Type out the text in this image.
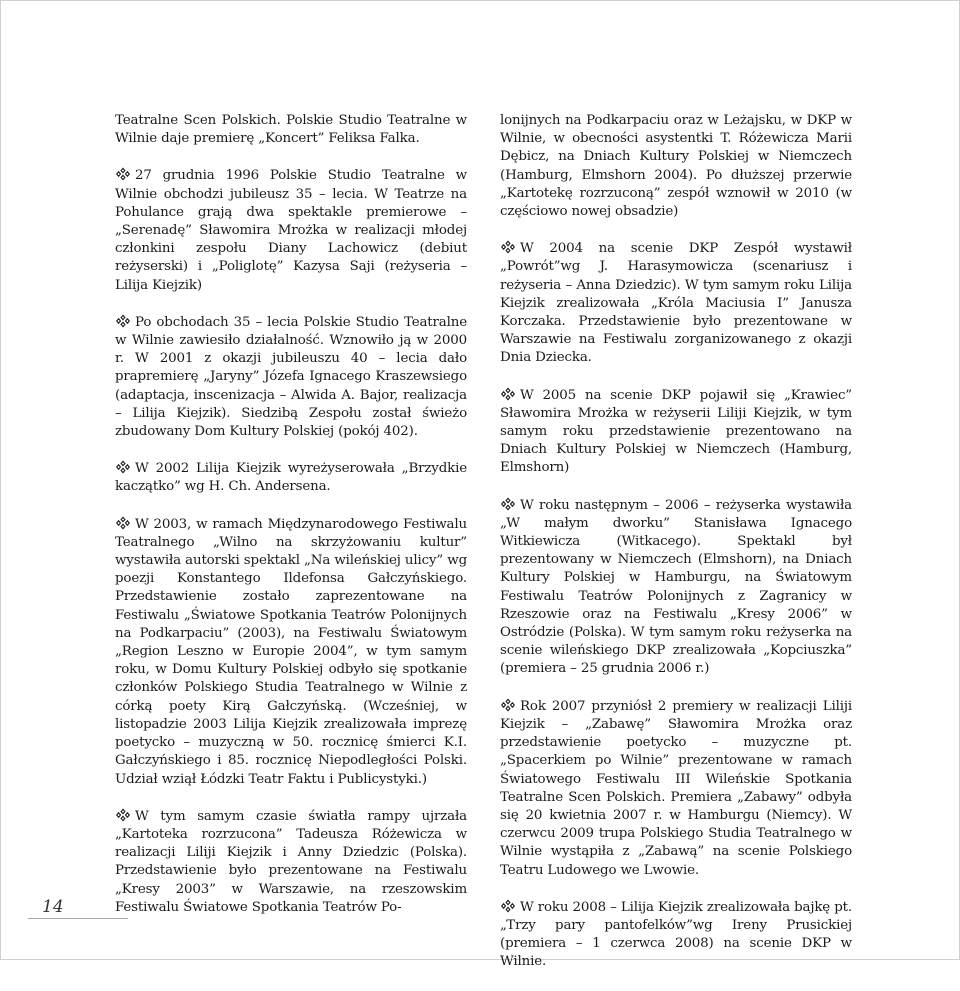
Teatralne Scen Polskich. Polskie Studio Teatralne w Wilnie daje premierę „Koncert” Feliksa Falka.

27 grudnia 1996 Polskie Studio Teatralne w Wilnie obchodzi jubileusz 35 – lecia. W Teatrze na Pohulance grają dwa spektakle premierowe – „Serenadę” Sławomira Mrożka w realizacji młodej członkini zespołu Diany Lachowicz (debiut reżyserski) i „Poliglotę” Kazysa Saji (reżyseria – Lilija Kiejzik)

Po obchodach 35 – lecia Polskie Studio Teatralne w Wilnie zawiesiło działalność. Wznowiło ją w 2000 r. W 2001 z okazji jubileuszu 40 – lecia dało prapremierę „Jaryny” Józefa Ignacego Kraszewsiego (adaptacja, inscenizacja – Alwida A. Bajor, realizacja – Lilija Kiejzik). Siedzibą Zespołu został świeżo zbudowany Dom Kultury Polskiej (pokój 402).

W 2002 Lilija Kiejzik wyreżyserowała „Brzydkie kaczątko” wg H. Ch. Andersena.

W 2003, w ramach Międzynarodowego Festiwalu Teatralnego „Wilno na skrzyżowaniu kultur” wystawiła autorski spektakl „Na wileńskiej ulicy” wg poezji Konstantego Ildefonsa Gałczyńskiego. Przedstawienie zostało zaprezentowane na Festiwalu „Światowe Spotkania Teatrów Polonijnych na Podkarpaciu” (2003), na Festiwalu Światowym „Region Leszno w Europie 2004”, w tym samym roku, w Domu Kultury Polskiej odbyło się spotkanie członków Polskiego Studia Teatralnego w Wilnie z córką poety Kirą Gałczyńską. (Wcześniej, w listopadzie 2003 Lilija Kiejzik zrealizowała imprezę poetycko – muzyczną w 50. rocznicę śmierci K.I. Gałczyńskiego i 85. rocznicę Niepodległości Polski. Udział wziął Łódzki Teatr Faktu i Publicystyki.)

W tym samym czasie światła rampy ujrzała „Kartoteka rozrzucona” Tadeusza Różewicza w realizacji Liliji Kiejzik i Anny Dziedzic (Polska). Przedstawienie było prezentowane na Festiwalu „Kresy 2003” w Warszawie, na rzeszowskim Festiwalu Światowe Spotkania Teatrów Po-

lonijnych na Podkarpaciu oraz w Leżajsku, w DKP w Wilnie, w obecności asystentki T. Różewicza Marii Dębicz, na Dniach Kultury Polskiej w Niemczech (Hamburg, Elmshorn 2004). Po dłuższej przerwie „Kartotekę rozrzuconą” zespół wznowił w 2010 (w częściowo nowej obsadzie)

W 2004 na scenie DKP Zespół wystawił „Powrót”wg J. Harasymowicza (scenariusz i reżyseria – Anna Dziedzic). W tym samym roku Lilija Kiejzik zrealizowała „Króla Maciusia I” Janusza Korczaka. Przedstawienie było prezentowane w Warszawie na Festiwalu zorganizowanego z okazji Dnia Dziecka.

W 2005 na scenie DKP pojawił się „Krawiec” Sławomira Mrożka w reżyserii Liliji Kiejzik, w tym samym roku przedstawienie prezentowano na Dniach Kultury Polskiej w Niemczech (Hamburg, Elmshorn)

W roku następnym – 2006 – reżyserka wystawiła „W małym dworku” Stanisława Ignacego Witkiewicza (Witkacego). Spektakl był prezentowany w Niemczech (Elmshorn), na Dniach Kultury Polskiej w Hamburgu, na Światowym Festiwalu Teatrów Polonijnych z Zagranicy w Rzeszowie oraz na Festiwalu „Kresy 2006” w Ostródzie (Polska). W tym samym roku reżyserka na scenie wileńskiego DKP zrealizowała „Kopciuszka” (premiera – 25 grudnia 2006 r.)

Rok 2007 przyniósł 2 premiery w realizacji Liliji Kiejzik – „Zabawę” Sławomira Mrożka oraz przedstawienie poetycko – muzyczne pt. „Spacerkiem po Wilnie” prezentowane w ramach Światowego Festiwalu III Wileńskie Spotkania Teatralne Scen Polskich. Premiera „Zabawy” odbyła się 20 kwietnia 2007 r. w Hamburgu (Niemcy). W czerwcu 2009 trupa Polskiego Studia Teatralnego w Wilnie wystąpiła z „Zabawą” na scenie Polskiego Teatru Ludowego we Lwowie.

W roku 2008 – Lilija Kiejzik zrealizowała bajkę pt. „Trzy pary pantofelków”wg Ireny Prusickiej (premiera – 1 czerwca 2008) na scenie DKP w Wilnie.

14
